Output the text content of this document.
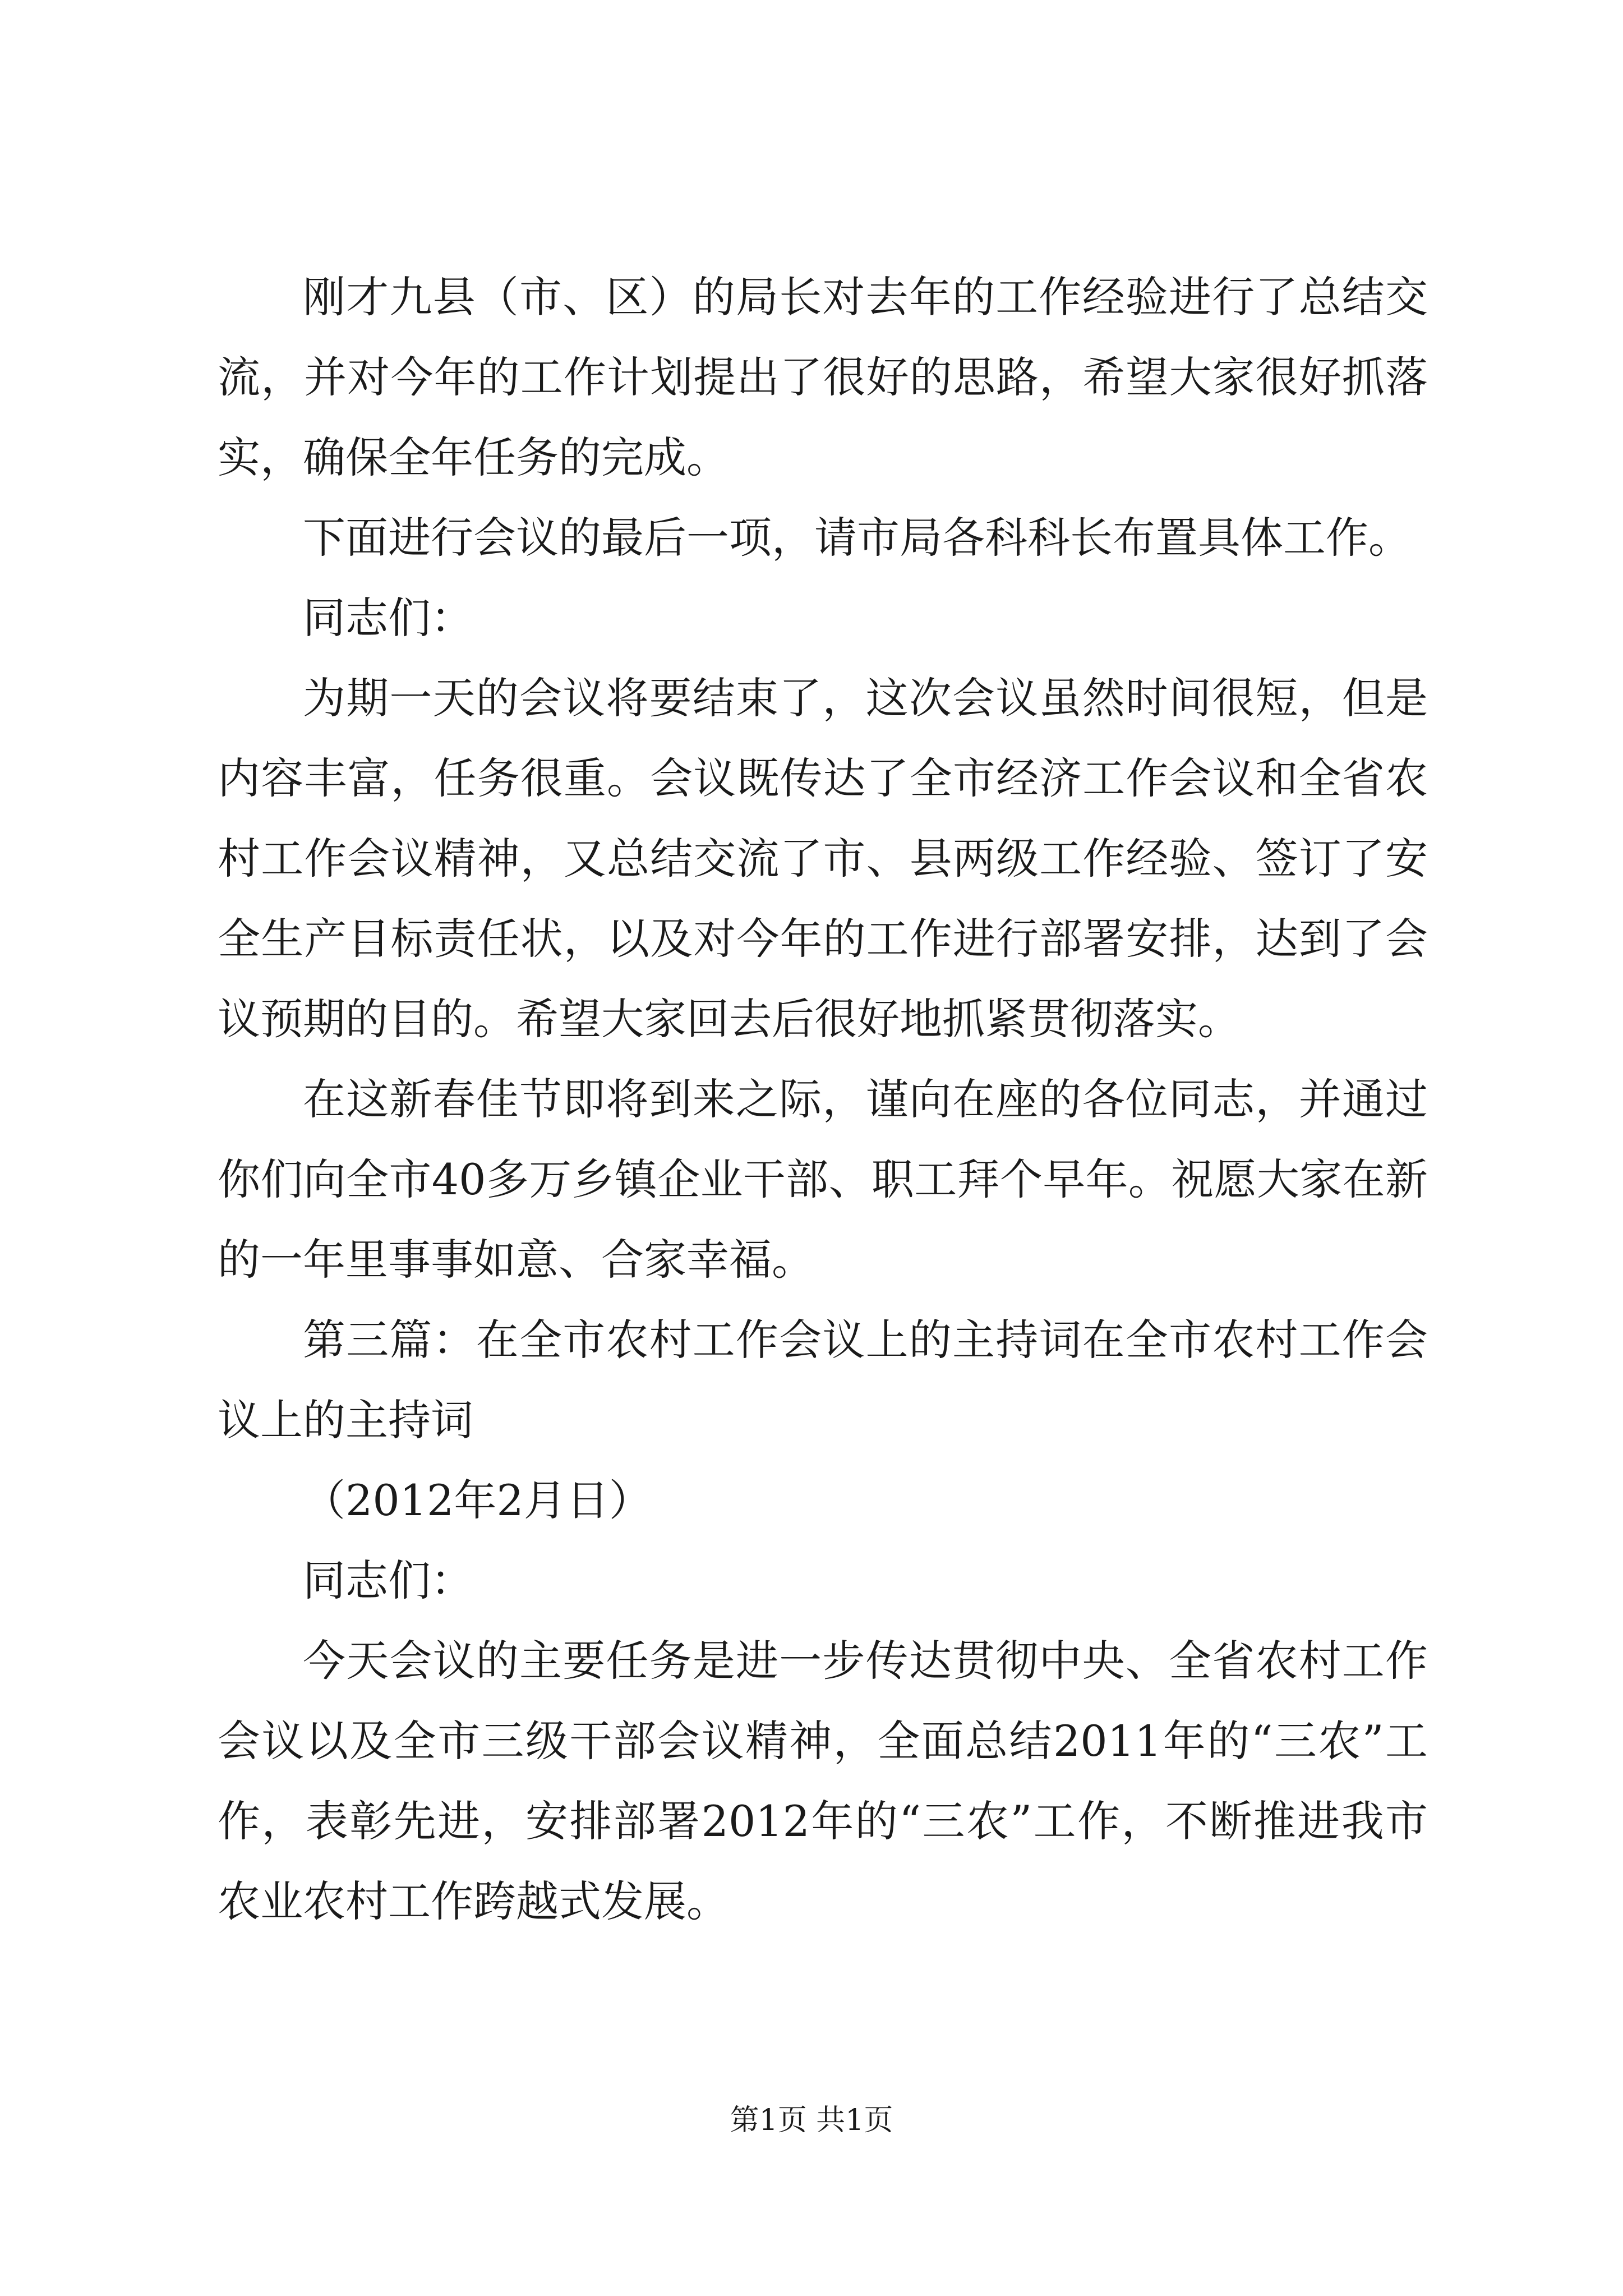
刚才九县（市、区）的局长对去年的工作经验进行了总结交流，并对今年的工作计划提出了很好的思路，希望大家很好抓落实，确保全年任务的完成。

下面进行会议的最后一项，请市局各科科长布置具体工作。

同志们：

为期一天的会议将要结束了，这次会议虽然时间很短，但是内容丰富，任务很重。会议既传达了全市经济工作会议和全省农村工作会议精神，又总结交流了市、县两级工作经验、签订了安全生产目标责任状，以及对今年的工作进行部署安排，达到了会议预期的目的。希望大家回去后很好地抓紧贯彻落实。

在这新春佳节即将到来之际，谨向在座的各位同志，并通过你们向全市40多万乡镇企业干部、职工拜个早年。祝愿大家在新的一年里事事如意、合家幸福。

第三篇：在全市农村工作会议上的主持词在全市农村工作会议上的主持词

（2012年2月日）

同志们：

今天会议的主要任务是进一步传达贯彻中央、全省农村工作会议以及全市三级干部会议精神，全面总结2011年的“三农”工作，表彰先进，安排部署2012年的“三农”工作，不断推进我市农业农村工作跨越式发展。

第1页 共1页
